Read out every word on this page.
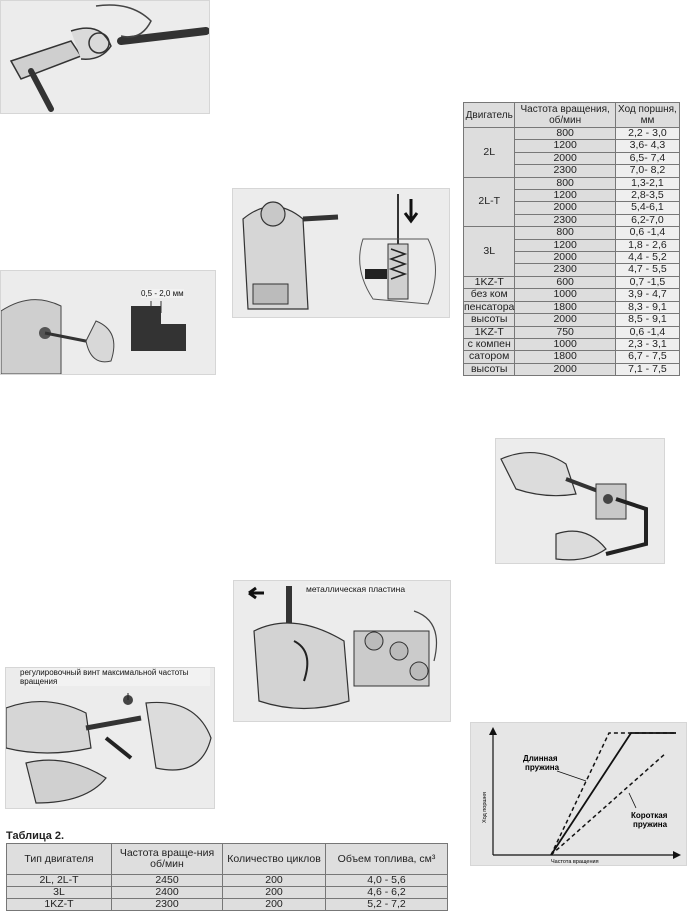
0,5 - 2,0 мм
Двигатель	Частота вращения, об/мин	Ход поршня, мм
2L	800	2,2 - 3,0
	1200	3,6- 4,3
	2000	6,5- 7,4
	2300	7,0- 8,2
2L-T	800	1,3-2,1
	1200	2,8-3,5
	2000	5,4-6,1
	2300	6,2-7,0
3L	800	0,6 -1,4
	1200	1,8 - 2,6
	2000	4,4 - 5,2
	2300	4,7 - 5,5
1KZ-T	600	0,7 -1,5
без ком	1000	3,9 - 4,7
пенсатора	1800	8,3 - 9,1
высоты	2000	8,5 - 9,1
1KZ-T	750	0,6 -1,4
с компен	1000	2,3 - 3,1
сатором	1800	6,7 - 7,5
высоты	2000	7,1 - 7,5
металлическая пластина
регулировочный винт максимальной частоты вращения
Длинная
пружина
Короткая
пружина
Частота вращения
Ход поршня
Таблица 2.
Тип двигателя	Частота враще-ния об/мин	Количество циклов	Объем топлива, см³
2L, 2L-T	2450	200	4,0 - 5,6
3L	2400	200	4,6 - 6,2
1KZ-T	2300	200	5,2 - 7,2
